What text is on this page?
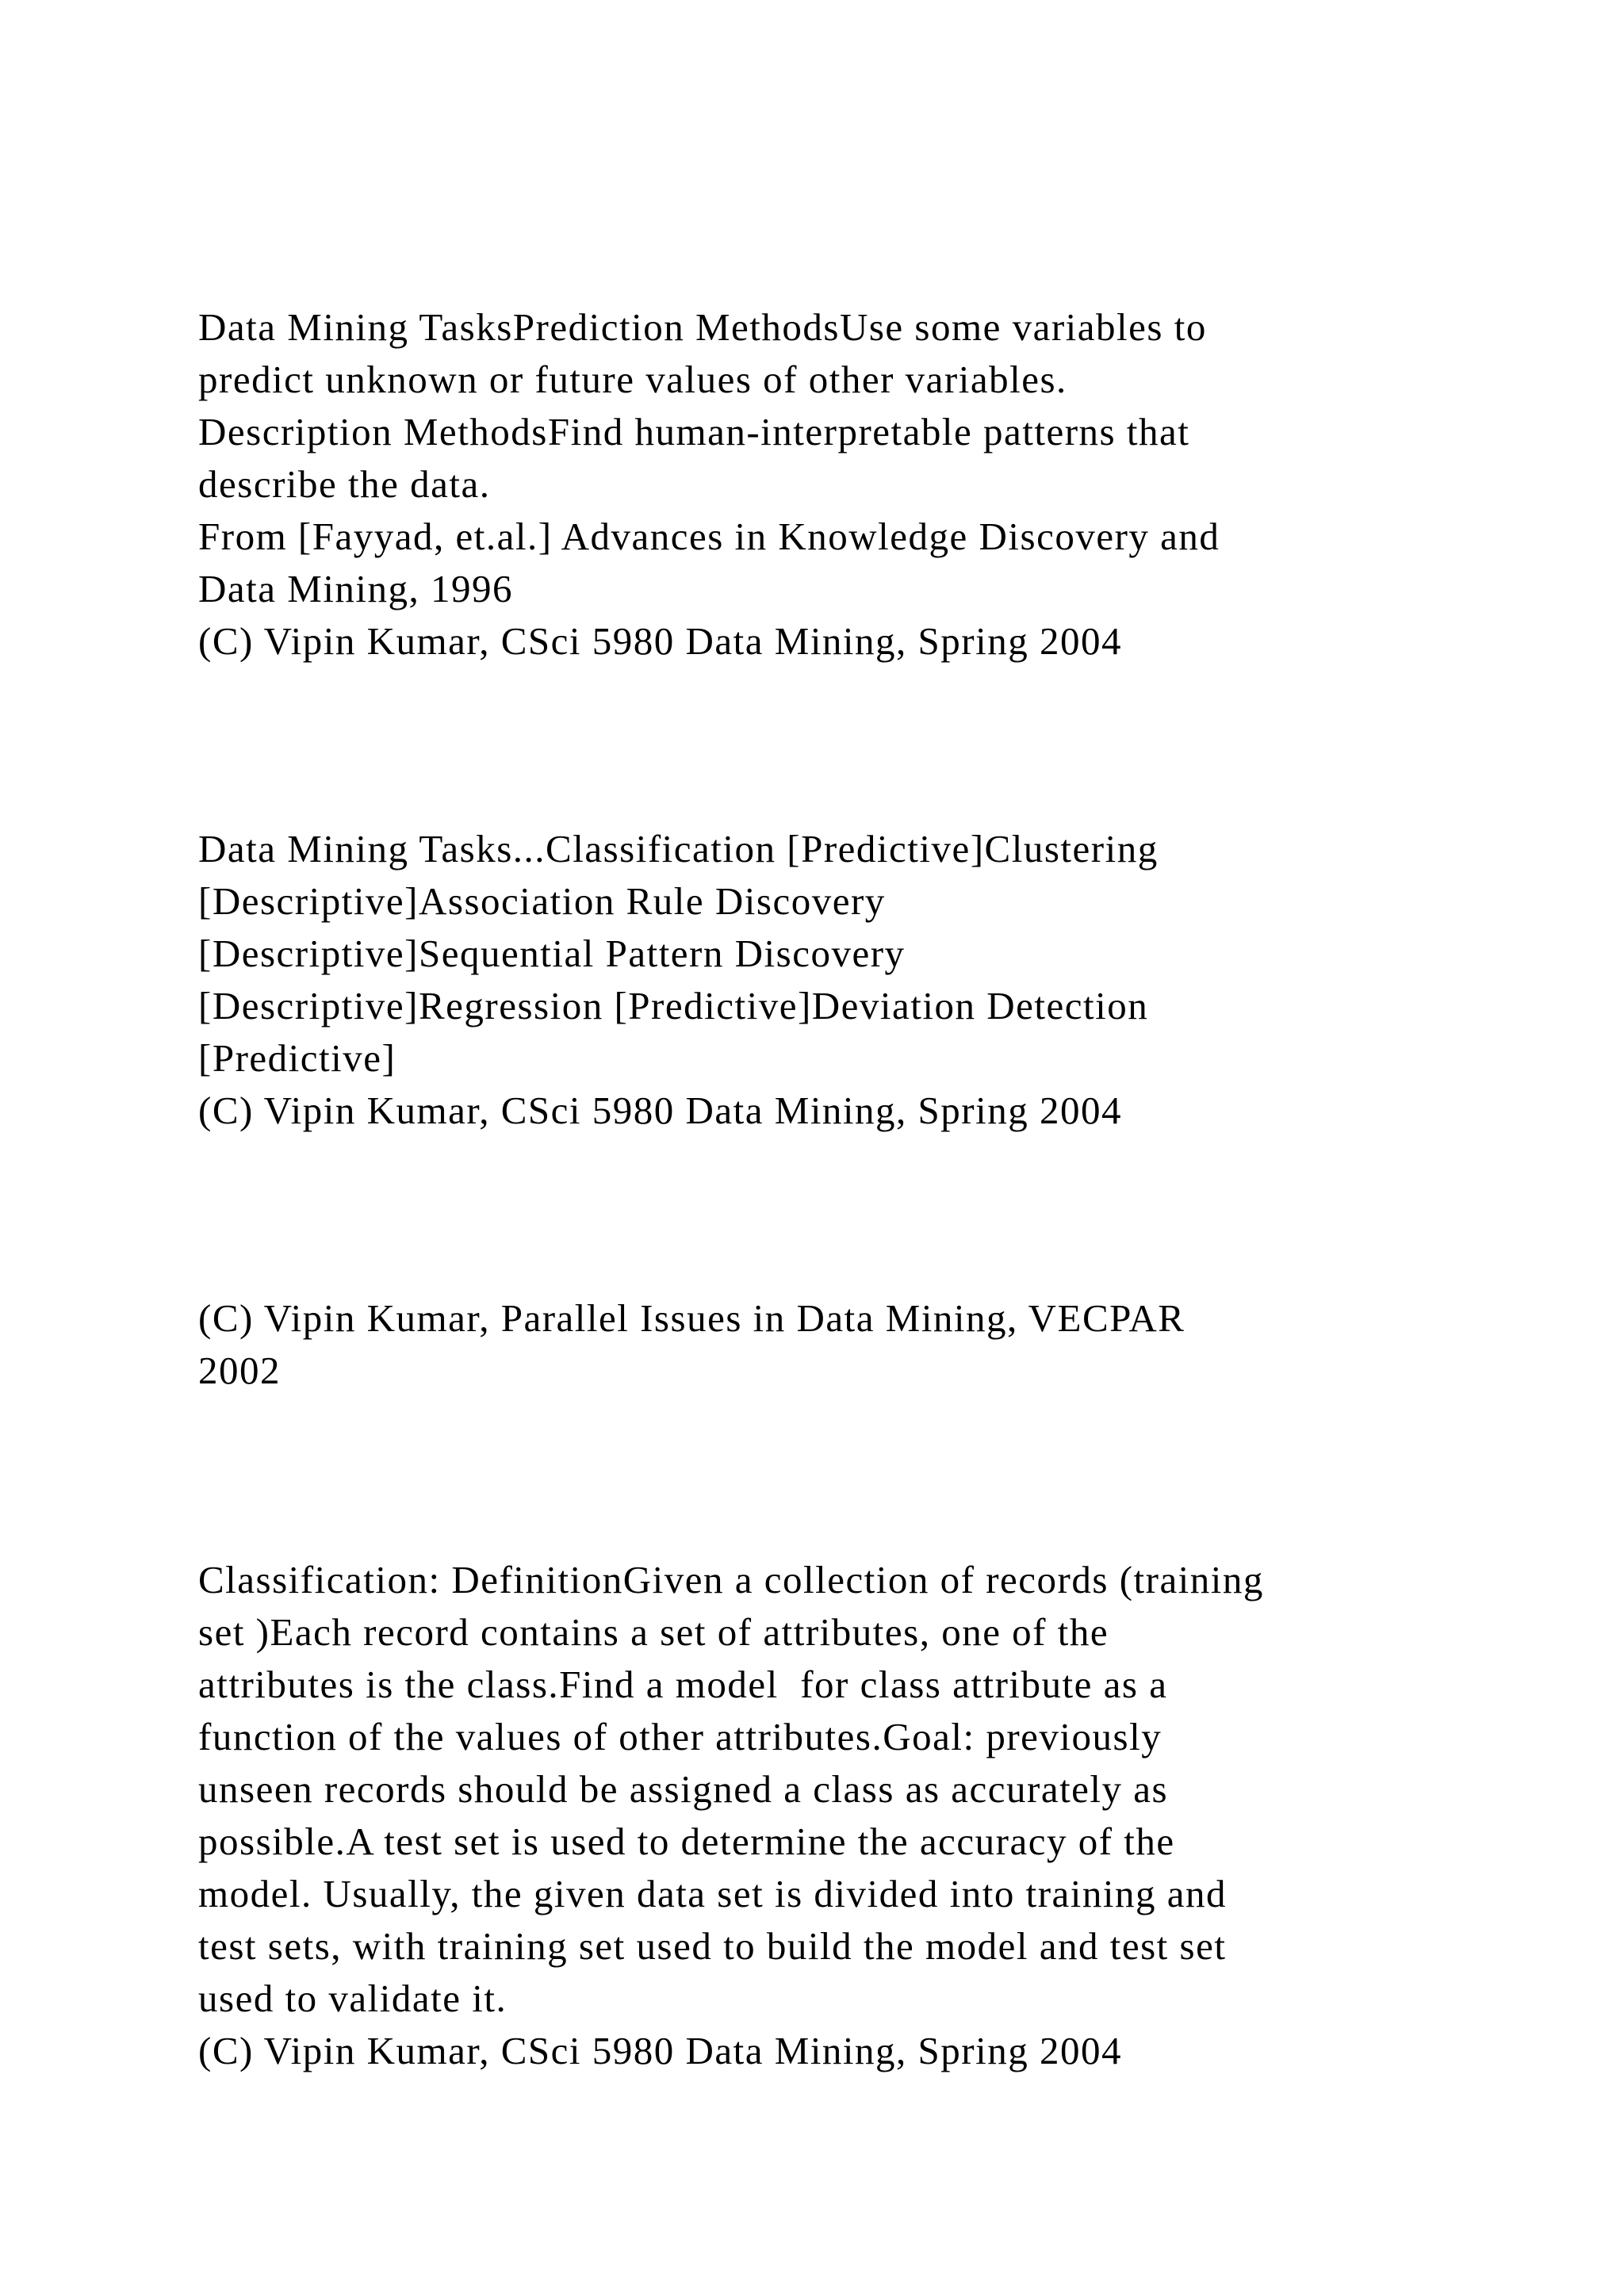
Data Mining TasksPrediction MethodsUse some variables to
predict unknown or future values of other variables.
Description MethodsFind human-interpretable patterns that
describe the data.
From [Fayyad, et.al.] Advances in Knowledge Discovery and
Data Mining, 1996
(C) Vipin Kumar, CSci 5980 Data Mining, Spring 2004
Data Mining Tasks...Classification [Predictive]Clustering
[Descriptive]Association Rule Discovery
[Descriptive]Sequential Pattern Discovery
[Descriptive]Regression [Predictive]Deviation Detection
[Predictive]
(C) Vipin Kumar, CSci 5980 Data Mining, Spring 2004
(C) Vipin Kumar, Parallel Issues in Data Mining, VECPAR
2002
Classification: DefinitionGiven a collection of records (training
set )Each record contains a set of attributes, one of the
attributes is the class.Find a model  for class attribute as a
function of the values of other attributes.Goal: previously
unseen records should be assigned a class as accurately as
possible.A test set is used to determine the accuracy of the
model. Usually, the given data set is divided into training and
test sets, with training set used to build the model and test set
used to validate it.
(C) Vipin Kumar, CSci 5980 Data Mining, Spring 2004
